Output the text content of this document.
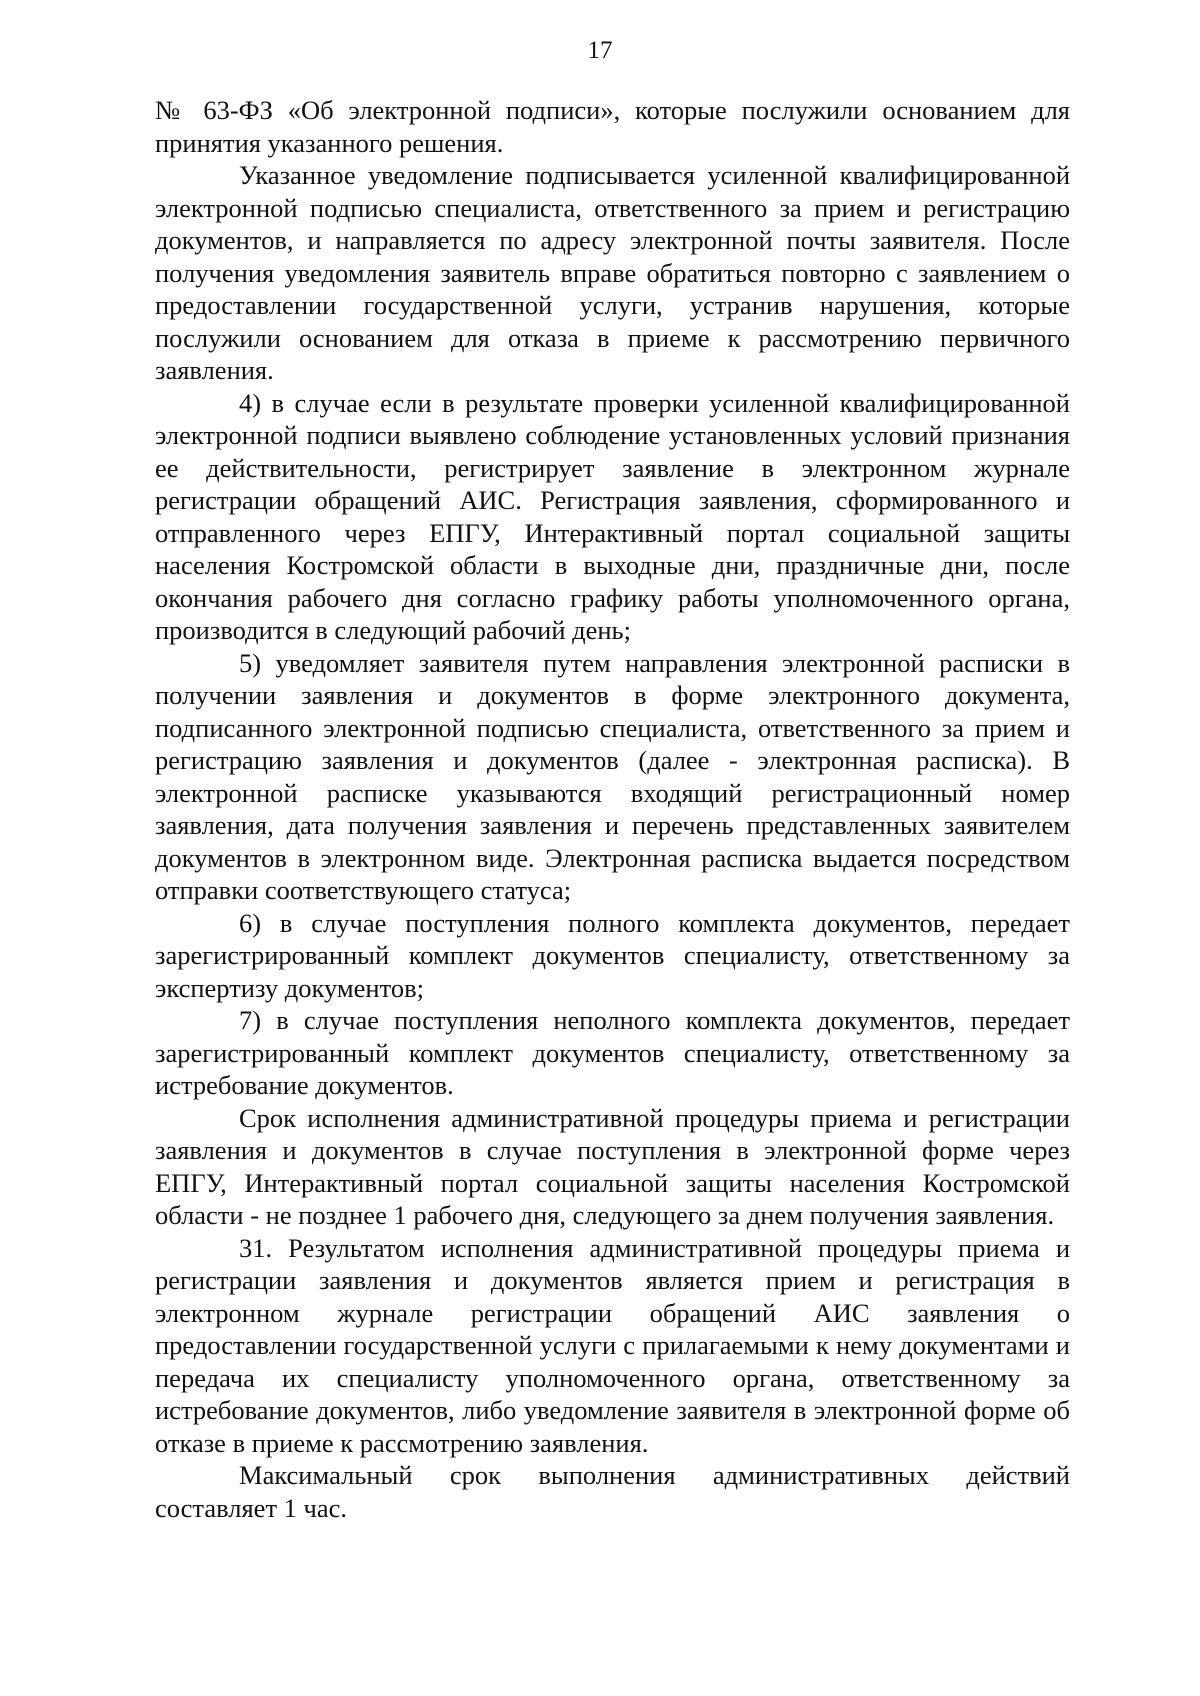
17

№ 63-ФЗ «Об электронной подписи», которые послужили основанием для принятия указанного решения.

Указанное уведомление подписывается усиленной квалифицированной электронной подписью специалиста, ответственного за прием и регистрацию документов, и направляется по адресу электронной почты заявителя. После получения уведомления заявитель вправе обратиться повторно с заявлением о предоставлении государственной услуги, устранив нарушения, которые послужили основанием для отказа в приеме к рассмотрению первичного заявления.

4) в случае если в результате проверки усиленной квалифицированной электронной подписи выявлено соблюдение установленных условий признания ее действительности, регистрирует заявление в электронном журнале регистрации обращений АИС. Регистрация заявления, сформированного и отправленного через ЕПГУ, Интерактивный портал социальной защиты населения Костромской области в выходные дни, праздничные дни, после окончания рабочего дня согласно графику работы уполномоченного органа, производится в следующий рабочий день;

5) уведомляет заявителя путем направления электронной расписки в получении заявления и документов в форме электронного документа, подписанного электронной подписью специалиста, ответственного за прием и регистрацию заявления и документов (далее - электронная расписка). В электронной расписке указываются входящий регистрационный номер заявления, дата получения заявления и перечень представленных заявителем документов в электронном виде. Электронная расписка выдается посредством отправки соответствующего статуса;

6) в случае поступления полного комплекта документов, передает зарегистрированный комплект документов специалисту, ответственному за экспертизу документов;

7) в случае поступления неполного комплекта документов, передает зарегистрированный комплект документов специалисту, ответственному за истребование документов.

Срок исполнения административной процедуры приема и регистрации заявления и документов в случае поступления в электронной форме через ЕПГУ, Интерактивный портал социальной защиты населения Костромской области - не позднее 1 рабочего дня, следующего за днем получения заявления.

31. Результатом исполнения административной процедуры приема и регистрации заявления и документов является прием и регистрация в электронном журнале регистрации обращений АИС заявления о предоставлении государственной услуги с прилагаемыми к нему документами и передача их специалисту уполномоченного органа, ответственному за истребование документов, либо уведомление заявителя в электронной форме об отказе в приеме к рассмотрению заявления.

Максимальный срок выполнения административных действий составляет 1 час.
